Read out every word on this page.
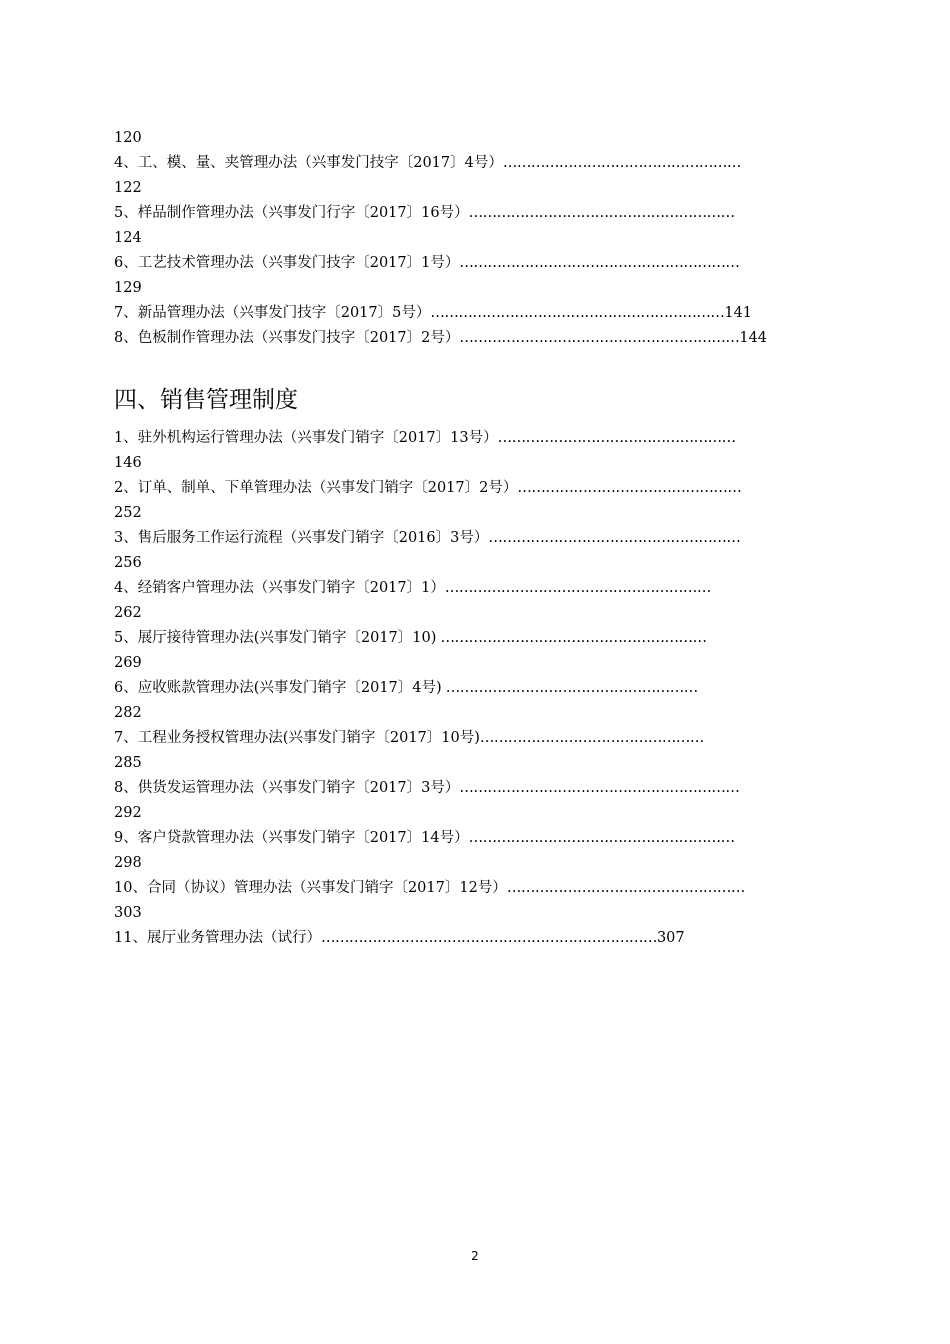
120
4、工、模、量、夹管理办法（兴事发门技字〔2017〕4号）……………………………………………
122
5、样品制作管理办法（兴事发门行字〔2017〕16号）…………………………………………………
124
6、工艺技术管理办法（兴事发门技字〔2017〕1号）……………………………………………………
129
7、新品管理办法（兴事发门技字〔2017〕5号）………………………………………………………141
8、色板制作管理办法（兴事发门技字〔2017〕2号）……………………………………………………144
四、销售管理制度
1、驻外机构运行管理办法（兴事发门销字〔2017〕13号）……………………………………………
146
2、订单、制单、下单管理办法（兴事发门销字〔2017〕2号）…………………………………………
252
3、售后服务工作运行流程（兴事发门销字〔2016〕3号）………………………………………………
256
4、经销客户管理办法（兴事发门销字〔2017〕1）…………………………………………………
262
5、展厅接待管理办法(兴事发门销字〔2017〕10) …………………………………………………
269
6、应收账款管理办法(兴事发门销字〔2017〕4号) ………………………………………………
282
7、工程业务授权管理办法(兴事发门销字〔2017〕10号)…………………………………………
285
8、供货发运管理办法（兴事发门销字〔2017〕3号）……………………………………………………
292
9、客户贷款管理办法（兴事发门销字〔2017〕14号）…………………………………………………
298
10、合同（协议）管理办法（兴事发门销字〔2017〕12号）……………………………………………
303
11、展厅业务管理办法（试行）………………………………………………………………307
2
